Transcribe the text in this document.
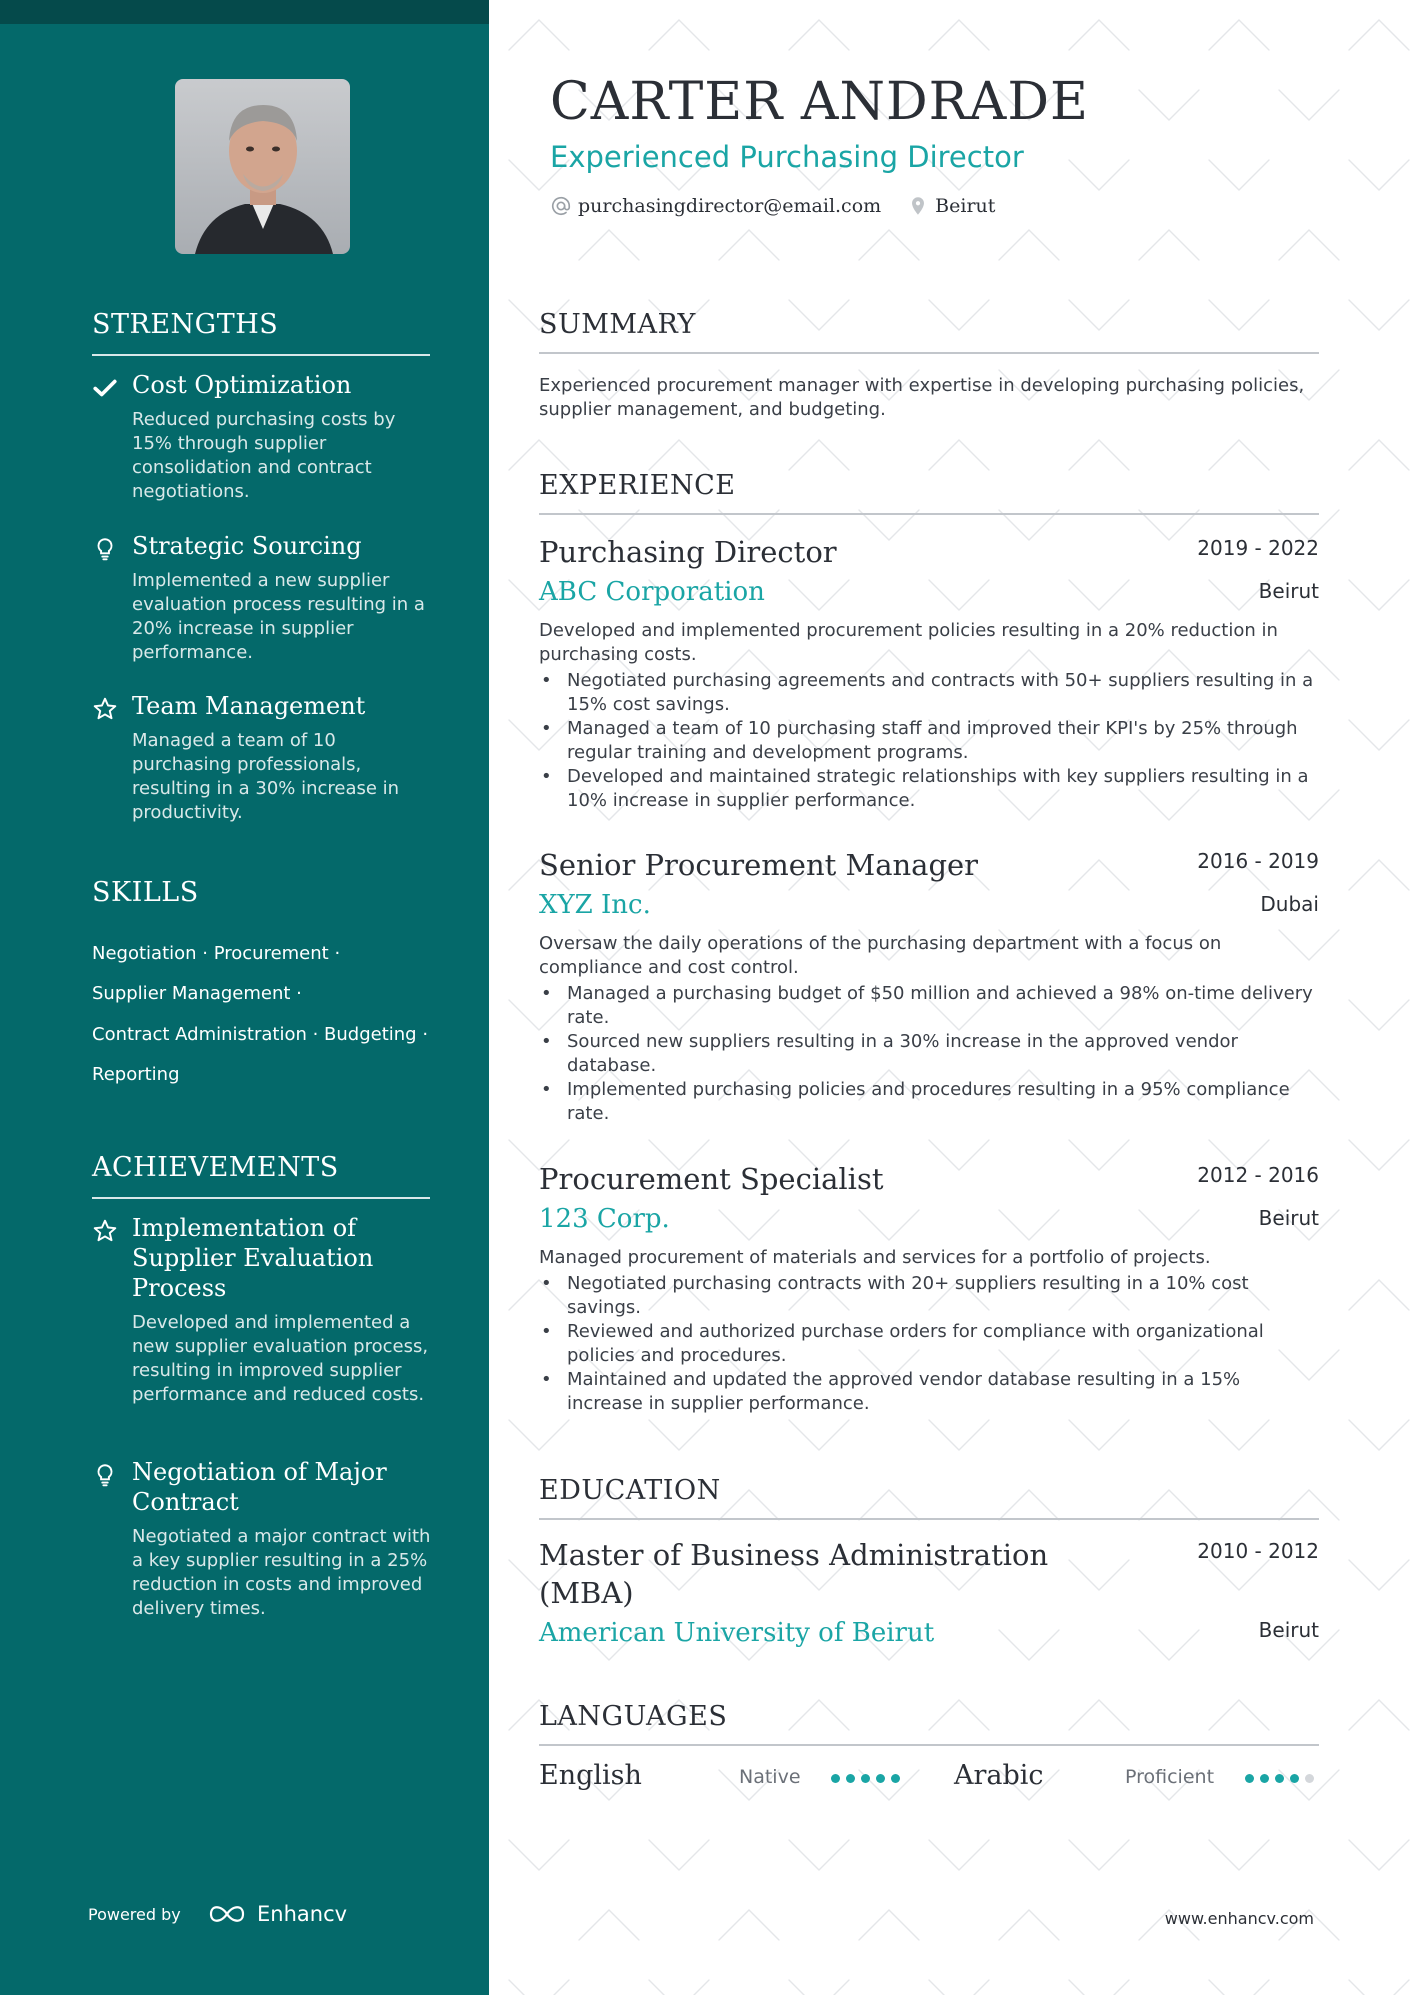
STRENGTHS
Cost Optimization
Reduced purchasing costs by 15% through supplier consolidation and contract negotiations.
Strategic Sourcing
Implemented a new supplier evaluation process resulting in a 20% increase in supplier performance.
Team Management
Managed a team of 10 purchasing professionals, resulting in a 30% increase in productivity.
SKILLS
Negotiation · Procurement ·
Supplier Management ·
Contract Administration · Budgeting ·
Reporting
ACHIEVEMENTS
Implementation of Supplier Evaluation Process
Developed and implemented a new supplier evaluation process, resulting in improved supplier performance and reduced costs.
Negotiation of Major Contract
Negotiated a major contract with a key supplier resulting in a 25% reduction in costs and improved delivery times.
Powered by	Enhancv
CARTER ANDRADE
Experienced Purchasing Director
purchasingdirector@email.com	Beirut
SUMMARY
Experienced procurement manager with expertise in developing purchasing policies, supplier management, and budgeting.
EXPERIENCE
Purchasing Director	2019 - 2022
ABC Corporation	Beirut
Developed and implemented procurement policies resulting in a 20% reduction in purchasing costs.
• Negotiated purchasing agreements and contracts with 50+ suppliers resulting in a 15% cost savings.
• Managed a team of 10 purchasing staff and improved their KPI's by 25% through regular training and development programs.
• Developed and maintained strategic relationships with key suppliers resulting in a 10% increase in supplier performance.
Senior Procurement Manager	2016 - 2019
XYZ Inc.	Dubai
Oversaw the daily operations of the purchasing department with a focus on compliance and cost control.
• Managed a purchasing budget of $50 million and achieved a 98% on-time delivery rate.
• Sourced new suppliers resulting in a 30% increase in the approved vendor database.
• Implemented purchasing policies and procedures resulting in a 95% compliance rate.
Procurement Specialist	2012 - 2016
123 Corp.	Beirut
Managed procurement of materials and services for a portfolio of projects.
• Negotiated purchasing contracts with 20+ suppliers resulting in a 10% cost savings.
• Reviewed and authorized purchase orders for compliance with organizational policies and procedures.
• Maintained and updated the approved vendor database resulting in a 15% increase in supplier performance.
EDUCATION
Master of Business Administration (MBA)
2010 - 2012
American University of Beirut	Beirut
LANGUAGES
English	Native	Arabic	Proficient
www.enhancv.com
